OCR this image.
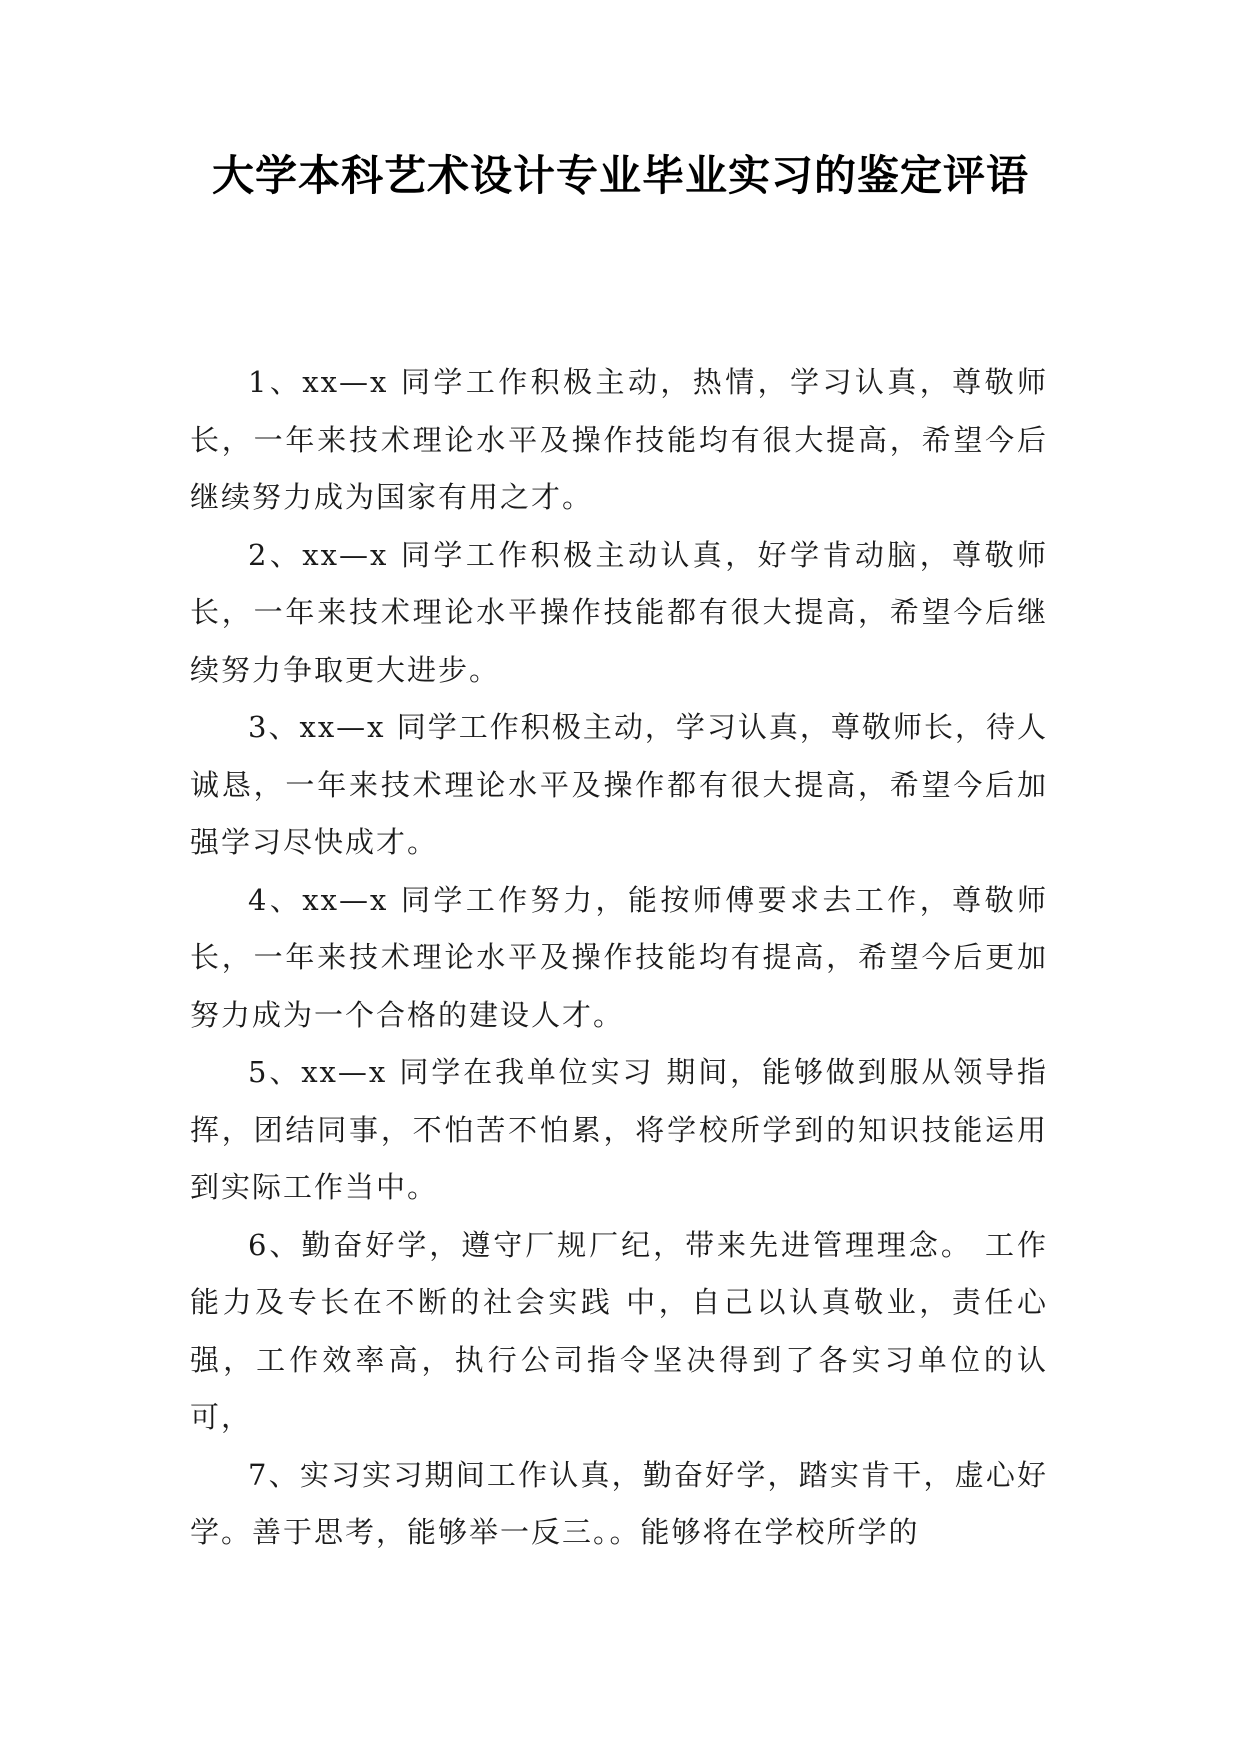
大学本科艺术设计专业毕业实习的鉴定评语

1、xx—x 同学工作积极主动，热情，学习认真，尊敬师长，一年来技术理论水平及操作技能均有很大提高，希望今后继续努力成为国家有用之才。

2、xx—x 同学工作积极主动认真，好学肯动脑，尊敬师长，一年来技术理论水平操作技能都有很大提高，希望今后继续努力争取更大进步。

3、xx—x 同学工作积极主动，学习认真，尊敬师长，待人诚恳，一年来技术理论水平及操作都有很大提高，希望今后加强学习尽快成才。

4、xx—x 同学工作努力，能按师傅要求去工作，尊敬师长，一年来技术理论水平及操作技能均有提高，希望今后更加努力成为一个合格的建设人才。

5、xx—x 同学在我单位实习 期间，能够做到服从领导指挥，团结同事，不怕苦不怕累，将学校所学到的知识技能运用到实际工作当中。

6、勤奋好学，遵守厂规厂纪，带来先进管理理念。 工作能力及专长在不断的社会实践 中，自己以认真敬业，责任心强，工作效率高，执行公司指令坚决得到了各实习单位的认可，

7、实习实习期间工作认真，勤奋好学，踏实肯干，虚心好学。善于思考，能够举一反三。。能够将在学校所学的
